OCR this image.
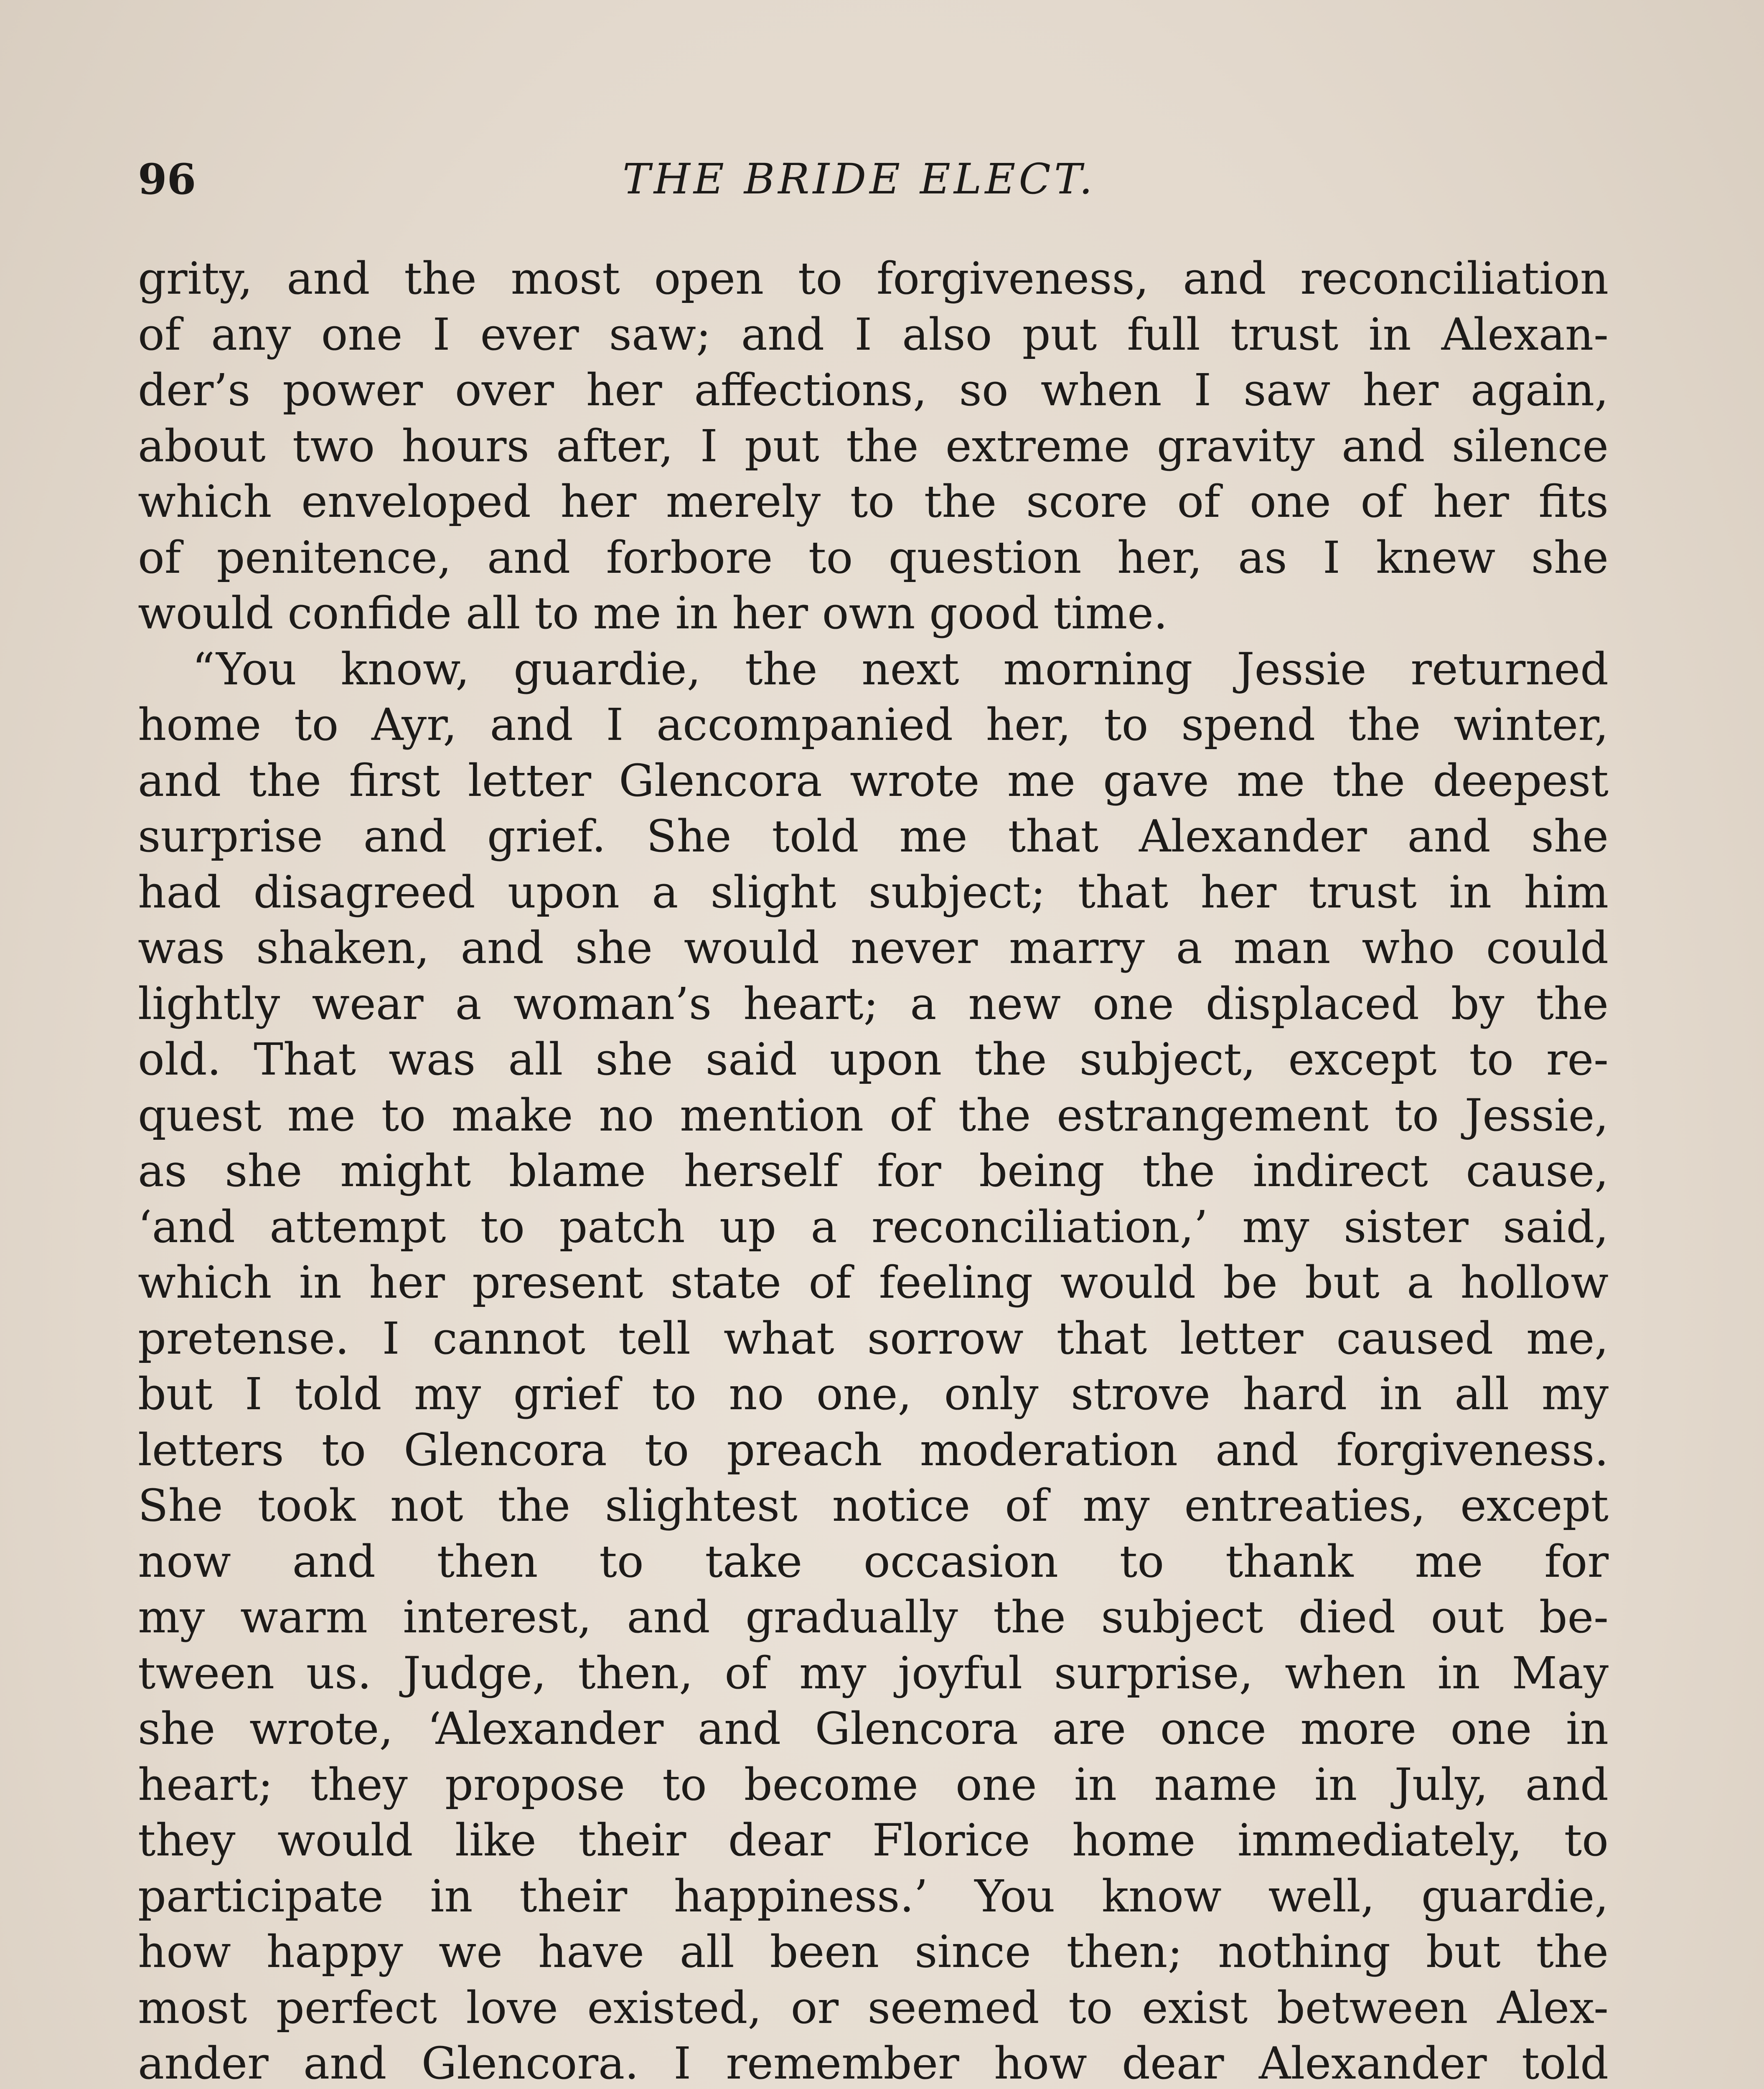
96	THE BRIDE ELECT.
grity, and the most open to forgiveness, and reconciliation
of any one I ever saw; and I also put full trust in Alexan-
der’s power over her affections, so when I saw her again,
about two hours after, I put the extreme gravity and silence
which enveloped her merely to the score of one of her fits
of penitence, and forbore to question her, as I knew she
would confide all to me in her own good time.
“You know, guardie, the next morning Jessie returned
home to Ayr, and I accompanied her, to spend the winter,
and the first letter Glencora wrote me gave me the deepest
surprise and grief. She told me that Alexander and she
had disagreed upon a slight subject; that her trust in him
was shaken, and she would never marry a man who could
lightly wear a woman’s heart; a new one displaced by the
old. That was all she said upon the subject, except to re-
quest me to make no mention of the estrangement to Jessie,
as she might blame herself for being the indirect cause,
‘and attempt to patch up a reconciliation,’ my sister said,
which in her present state of feeling would be but a hollow
pretense. I cannot tell what sorrow that letter caused me,
but I told my grief to no one, only strove hard in all my
letters to Glencora to preach moderation and forgiveness.
She took not the slightest notice of my entreaties, except
now and then to take occasion to thank me for
my warm interest, and gradually the subject died out be-
tween us. Judge, then, of my joyful surprise, when in May
she wrote, ‘Alexander and Glencora are once more one in
heart; they propose to become one in name in July, and
they would like their dear Florice home immediately, to
participate in their happiness.’ You know well, guardie,
how happy we have all been since then; nothing but the
most perfect love existed, or seemed to exist between Alex-
ander and Glencora. I remember how dear Alexander told
